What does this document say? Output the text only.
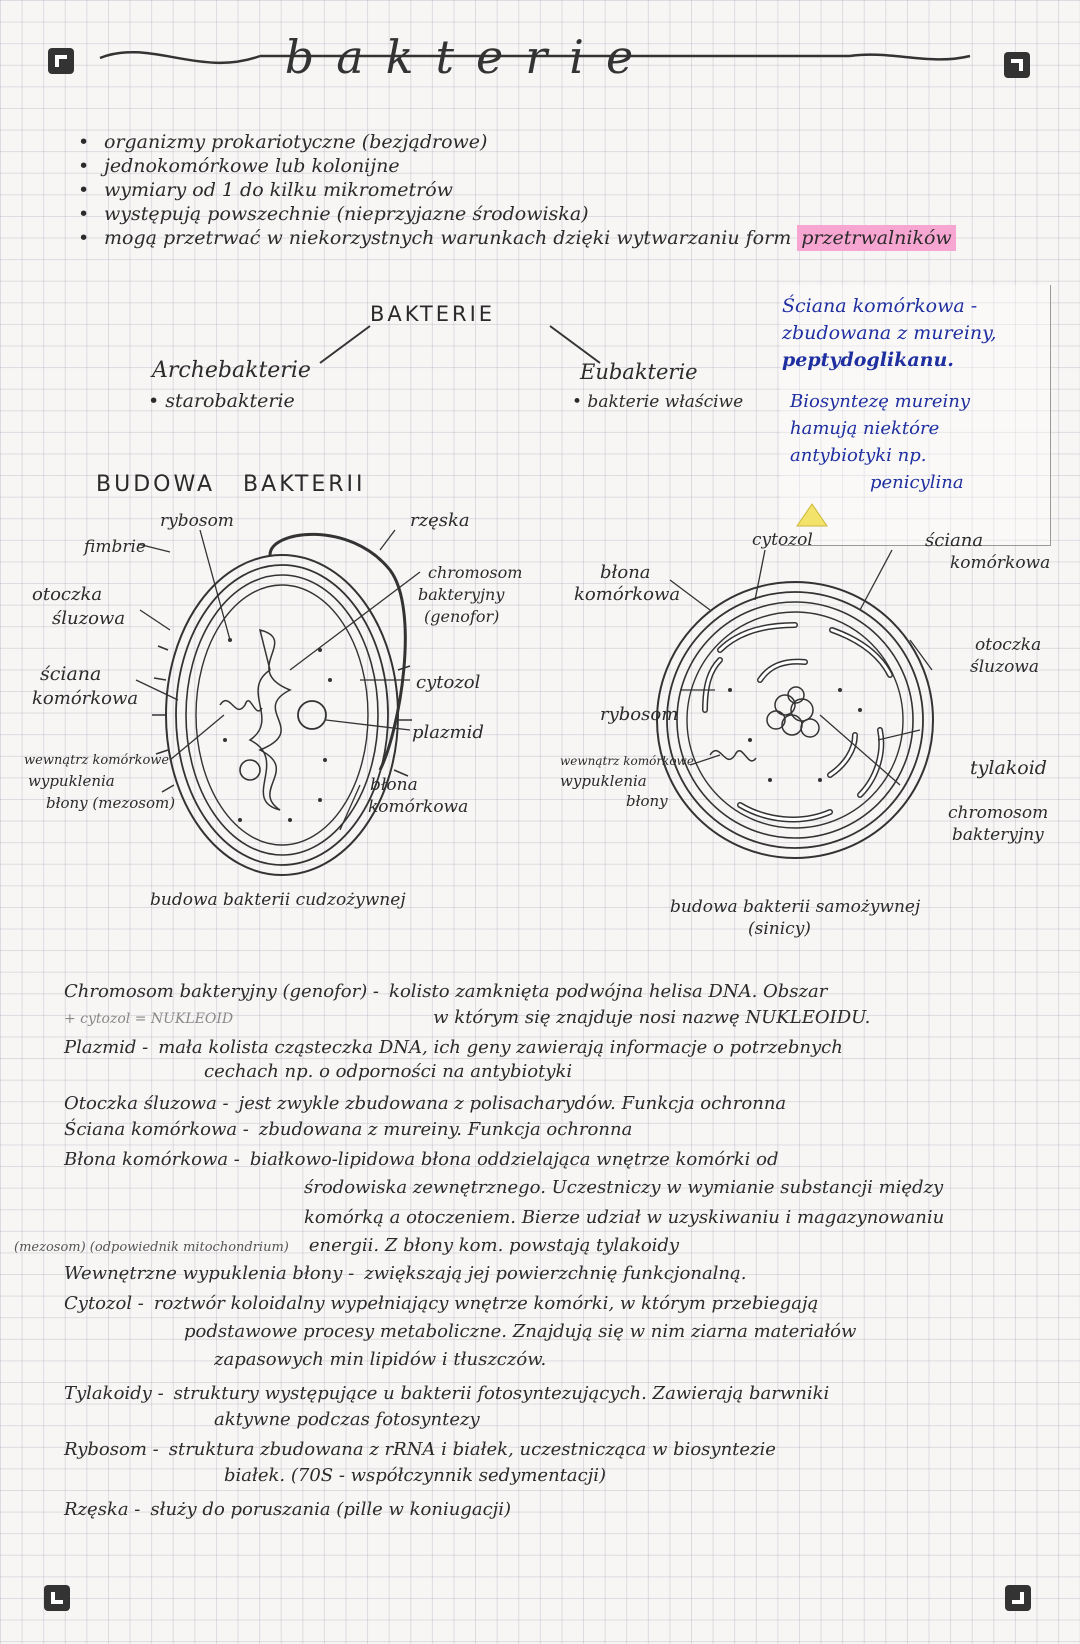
bakterie
• organizmy prokariotyczne (bezjądrowe)
• jednokomórkowe lub kolonijne
• wymiary od 1 do kilku mikrometrów
• występują powszechnie (nieprzyjazne środowiska)
• mogą przetrwać w niekorzystnych warunkach dzięki wytwarzaniu form przetrwalników
BAKTERIE
Archebakterie
• starobakterie
Eubakterie
• bakterie właściwe
Ściana komórkowa -
zbudowana z mureiny,
peptydoglikanu.
Biosyntezę mureiny
hamują niektóre
antybiotyki np.
penicylina
BUDOWA BAKTERII
fimbrie
rybosom	rzęska
otoczka
śluzowa
chromosom
bakteryjny
(genofor)
ściana
komórkowa
cytozol
plazmid
wewnątrz komórkowe
wypuklenia
błony (mezosom)
błona
komórkowa
budowa bakterii cudzożywnej
cytozol	ściana
komórkowa
błona
komórkowa
otoczka
śluzowa
rybosom
tylakoid
wewnątrz komórkowe
wypuklenia
błony
chromosom
bakteryjny
budowa bakterii samożywnej
(sinicy)
Chromosom bakteryjny (genofor) - kolisto zamknięta podwójna helisa DNA. Obszar
+ cytozol = NUKLEOID	w którym się znajduje nosi nazwę NUKLEOIDU.
Plazmid - mała kolista cząsteczka DNA, ich geny zawierają informacje o potrzebnych
cechach np. o odporności na antybiotyki
Otoczka śluzowa - jest zwykle zbudowana z polisacharydów. Funkcja ochronna
Ściana komórkowa - zbudowana z mureiny. Funkcja ochronna
Błona komórkowa - białkowo-lipidowa błona oddzielająca wnętrze komórki od
środowiska zewnętrznego. Uczestniczy w wymianie substancji między
komórką a otoczeniem. Bierze udział w uzyskiwaniu i magazynowaniu
(mezosom) (odpowiednik mitochondrium) energii. Z błony kom. powstają tylakoidy
Wewnętrzne wypuklenia błony - zwiększają jej powierzchnię funkcjonalną.
Cytozol - roztwór koloidalny wypełniający wnętrze komórki, w którym przebiegają
podstawowe procesy metaboliczne. Znajdują się w nim ziarna materiałów
zapasowych min lipidów i tłuszczów.
Tylakoidy - struktury występujące u bakterii fotosyntezujących. Zawierają barwniki
aktywne podczas fotosyntezy
Rybosom - struktura zbudowana z rRNA i białek, uczestnicząca w biosyntezie
białek. (70S - współczynnik sedymentacji)
Rzęska - służy do poruszania (pille w koniugacji)
